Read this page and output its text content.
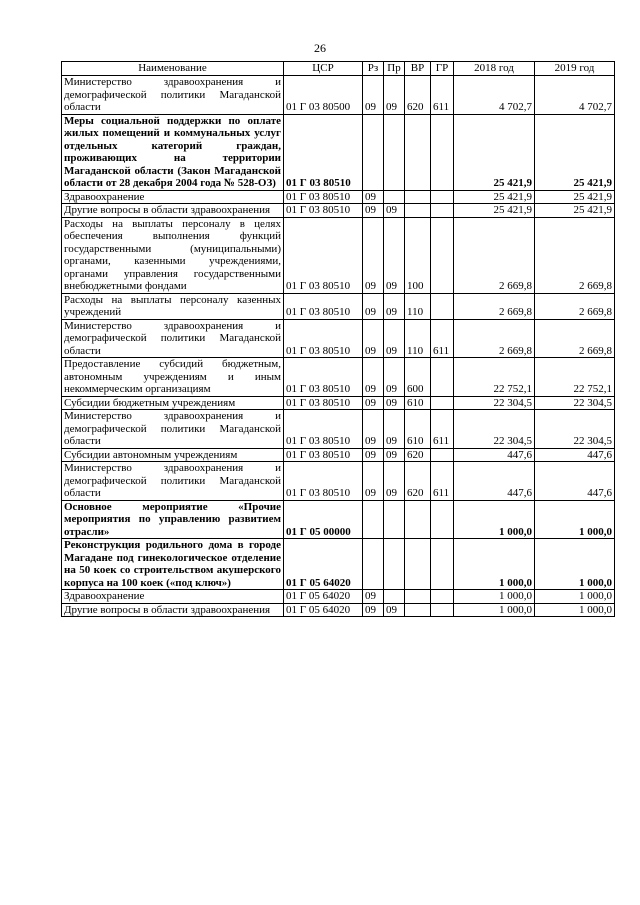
26
Наименование	ЦСР	Рз	Пр	ВР	ГР	2018 год	2019 год
Министерство здравоохранения и демографической политики Магаданской области	01 Г 03 80500	09	09	620	611	4 702,7	4 702,7
Меры социальной поддержки по оплате жилых помещений и коммунальных услуг отдельных категорий граждан, проживающих на территории Магаданской области (Закон Магаданской области от 28 декабря 2004 года № 528-ОЗ)	01 Г 03 80510					25 421,9	25 421,9
Здравоохранение	01 Г 03 80510	09				25 421,9	25 421,9
Другие вопросы в области здравоохранения	01 Г 03 80510	09	09			25 421,9	25 421,9
Расходы на выплаты персоналу в целях обеспечения выполнения функций государственными (муниципальными) органами, казенными учреждениями, органами управления государственными внебюджетными фондами	01 Г 03 80510	09	09	100		2 669,8	2 669,8
Расходы на выплаты персоналу казенных учреждений	01 Г 03 80510	09	09	110		2 669,8	2 669,8
Министерство здравоохранения и демографической политики Магаданской области	01 Г 03 80510	09	09	110	611	2 669,8	2 669,8
Предоставление субсидий бюджетным, автономным учреждениям и иным некоммерческим организациям	01 Г 03 80510	09	09	600		22 752,1	22 752,1
Субсидии бюджетным учреждениям	01 Г 03 80510	09	09	610		22 304,5	22 304,5
Министерство здравоохранения и демографической политики Магаданской области	01 Г 03 80510	09	09	610	611	22 304,5	22 304,5
Субсидии автономным учреждениям	01 Г 03 80510	09	09	620		447,6	447,6
Министерство здравоохранения и демографической политики Магаданской области	01 Г 03 80510	09	09	620	611	447,6	447,6
Основное мероприятие «Прочие мероприятия по управлению развитием отрасли»	01 Г 05 00000					1 000,0	1 000,0
Реконструкция родильного дома в городе Магадане под гинекологическое отделение на 50 коек со строительством акушерского корпуса на 100 коек («под ключ»)	01 Г 05 64020					1 000,0	1 000,0
Здравоохранение	01 Г 05 64020	09				1 000,0	1 000,0
Другие вопросы в области здравоохранения	01 Г 05 64020	09	09			1 000,0	1 000,0
